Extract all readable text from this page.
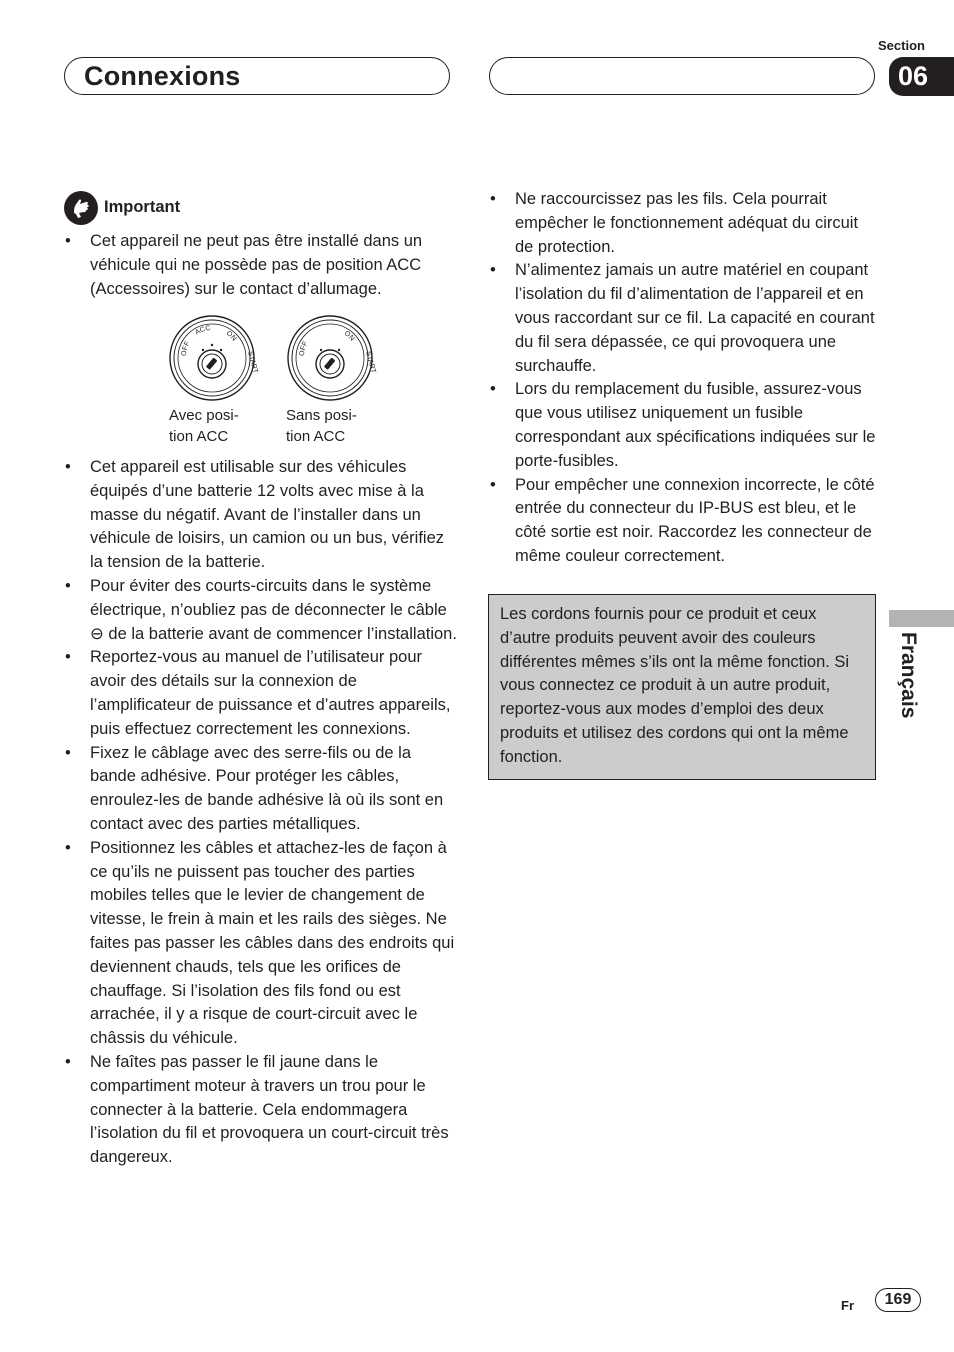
Connexions
Section
06
Français
Important
• Cet appareil ne peut pas être installé dans un véhicule qui ne possède pas de position ACC (Accessoires) sur le contact d’allumage.
OFF
ACC
ON
START	OFF
ON
START
Avec posi-
tion ACC
Sans posi-
tion ACC
• Cet appareil est utilisable sur des véhicules équipés d’une batterie 12 volts avec mise à la masse du négatif. Avant de l’installer dans un véhicule de loisirs, un camion ou un bus, vérifiez la tension de la batterie.
• Pour éviter des courts-circuits dans le système électrique, n’oubliez pas de déconnecter le câble ⊖ de la batterie avant de commencer l’installation.
• Reportez-vous au manuel de l’utilisateur pour avoir des détails sur la connexion de l’amplificateur de puissance et d’autres appareils, puis effectuez correctement les connexions.
• Fixez le câblage avec des serre-fils ou de la bande adhésive. Pour protéger les câbles, enroulez-les de bande adhésive là où ils sont en contact avec des parties métalliques.
• Positionnez les câbles et attachez-les de façon à ce qu’ils ne puissent pas toucher des parties mobiles telles que le levier de changement de vitesse, le frein à main et les rails des sièges. Ne faites pas passer les câbles dans des endroits qui deviennent chauds, tels que les orifices de chauffage. Si l’isolation des fils fond ou est arrachée, il y a risque de court-circuit avec le châssis du véhicule.
• Ne faîtes pas passer le fil jaune dans le compartiment moteur à travers un trou pour le connecter à la batterie. Cela endommagera l’isolation du fil et provoquera un court-circuit très dangereux.
• Ne raccourcissez pas les fils. Cela pourrait empêcher le fonctionnement adéquat du circuit de protection.
• N’alimentez jamais un autre matériel en coupant l’isolation du fil d’alimentation de l’appareil et en vous raccordant sur ce fil. La capacité en courant du fil sera dépassée, ce qui provoquera une surchauffe.
• Lors du remplacement du fusible, assurez-vous que vous utilisez uniquement un fusible correspondant aux spécifications indiquées sur le porte-fusibles.
• Pour empêcher une connexion incorrecte, le côté entrée du connecteur du IP-BUS est bleu, et le côté sortie est noir. Raccordez les connecteur de même couleur correctement.
Les cordons fournis pour ce produit et ceux d’autre produits peuvent avoir des couleurs différentes mêmes s’ils ont la même fonction. Si vous connectez ce produit à un autre produit, reportez-vous aux modes d’emploi des deux produits et utilisez des cordons qui ont la même fonction.
Fr	169
